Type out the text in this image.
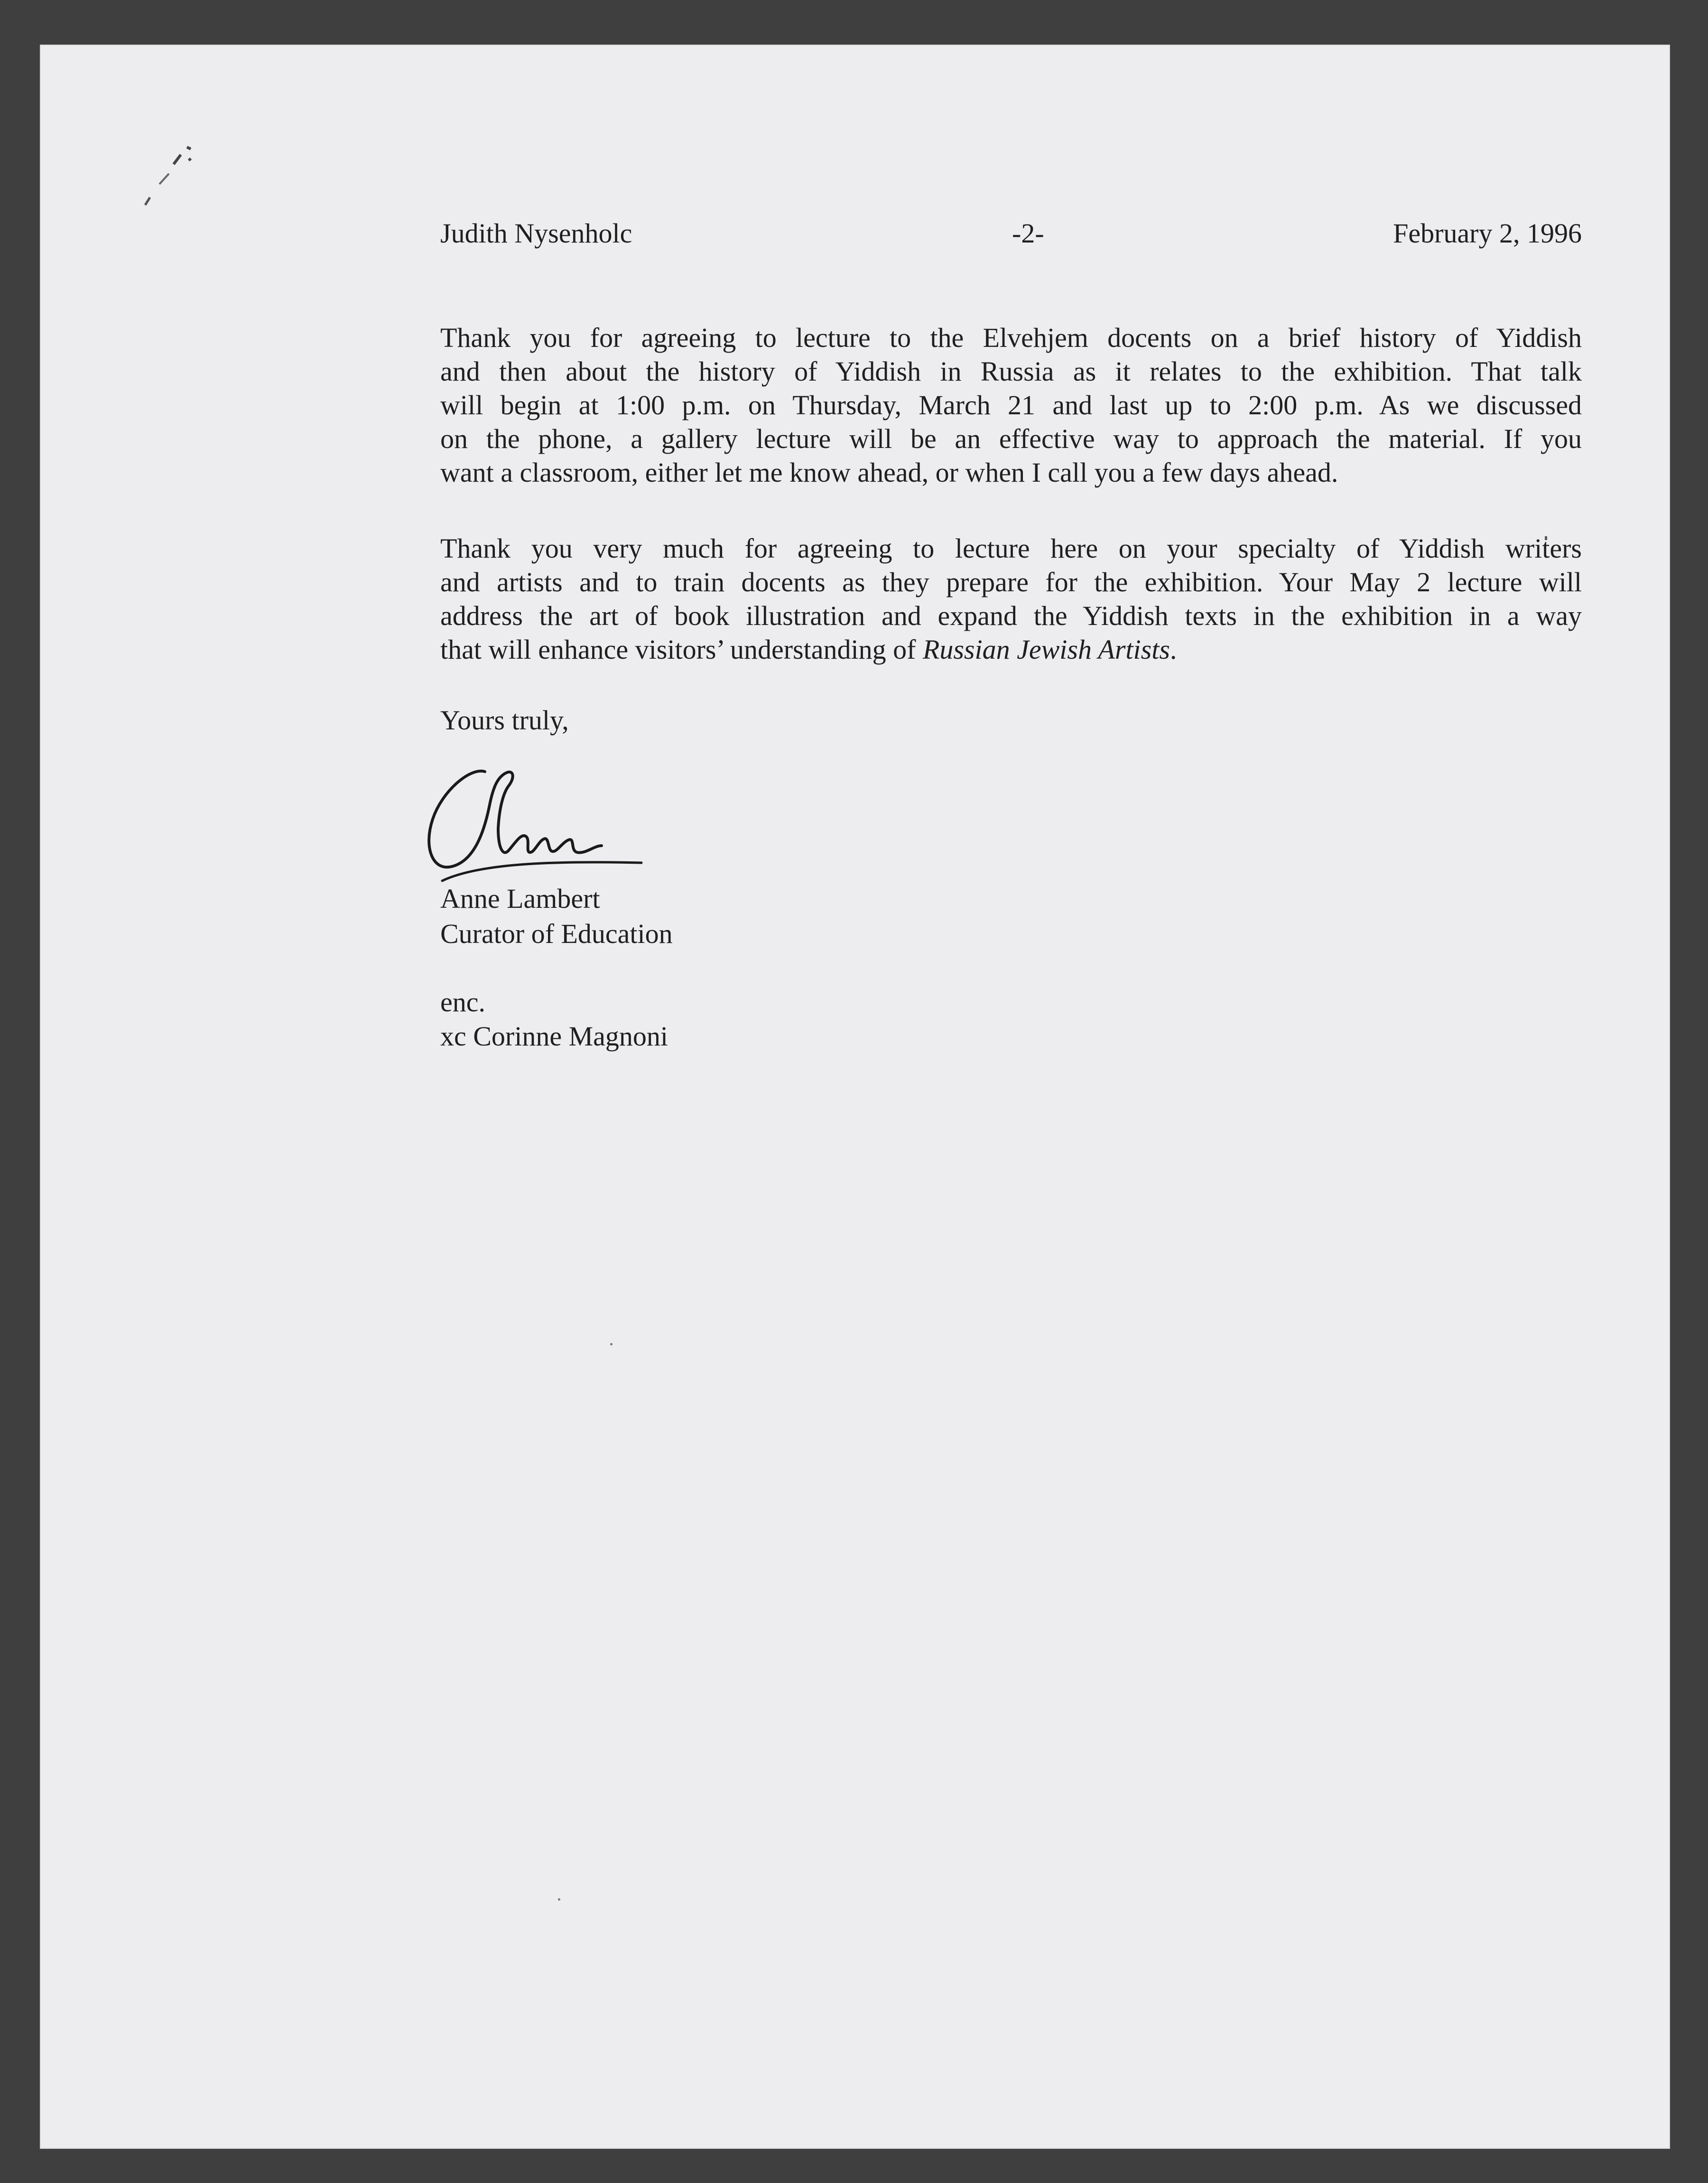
Judith Nysenholc	-2-	February 2, 1996
Thank you for agreeing to lecture to the Elvehjem docents on a brief history of Yiddish
and then about the history of Yiddish in Russia as it relates to the exhibition. That talk
will begin at 1:00 p.m. on Thursday, March 21 and last up to 2:00 p.m. As we discussed
on the phone, a gallery lecture will be an effective way to approach the material. If you
want a classroom, either let me know ahead, or when I call you a few days ahead.
Thank you very much for agreeing to lecture here on your specialty of Yiddish writers
and artists and to train docents as they prepare for the exhibition. Your May 2 lecture will
address the art of book illustration and expand the Yiddish texts in the exhibition in a way
that will enhance visitors’ understanding of Russian Jewish Artists.
Yours truly,
Anne Lambert
Curator of Education
enc.
xc Corinne Magnoni
